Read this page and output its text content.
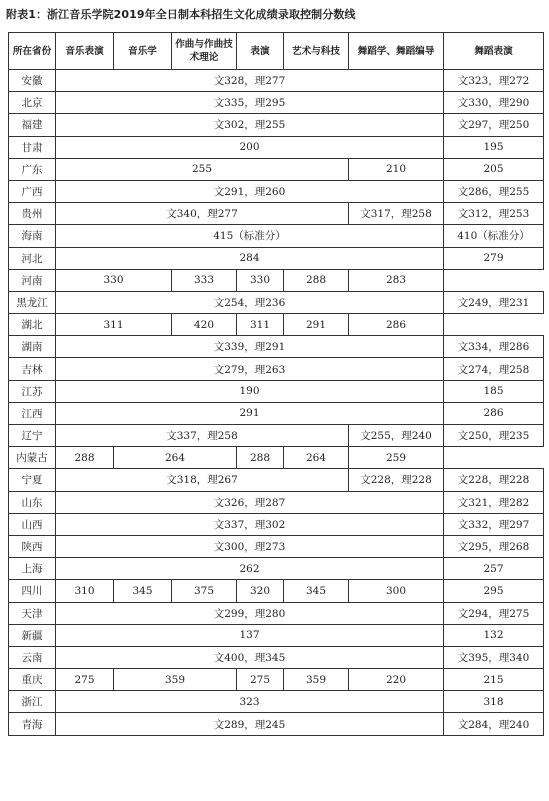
附表1：浙江音乐学院2019年全日制本科招生文化成绩录取控制分数线
所在省份	音乐表演	音乐学	作曲与作曲技术理论	表演	艺术与科技	舞蹈学、舞蹈编导	舞蹈表演
安徽	文328，理277						文323，理272
北京	文335，理295						文330，理290
福建	文302，理255						文297，理250
甘肃	200						195
广东	255					210	205
广西	文291，理260						文286，理255
贵州	文340，理277					文317，理258	文312，理253
海南	415（标准分）						410（标准分）
河北	284						279
河南	330		333	330	288	283	
黑龙江	文254，理236						文249，理231
湖北	311		420	311	291	286	
湖南	文339，理291						文334，理286
吉林	文279，理263						文274，理258
江苏	190						185
江西	291						286
辽宁	文337，理258					文255，理240	文250，理235
内蒙古	288	264		288	264	259	
宁夏	文318，理267					文228，理228	文228，理228
山东	文326，理287						文321，理282
山西	文337，理302						文332，理297
陕西	文300，理273						文295，理268
上海	262						257
四川	310	345	375	320	345	300	295
天津	文299，理280						文294，理275
新疆	137						132
云南	文400，理345						文395，理340
重庆	275	359		275	359	220	215
浙江	323						318
青海	文289，理245						文284，理240
